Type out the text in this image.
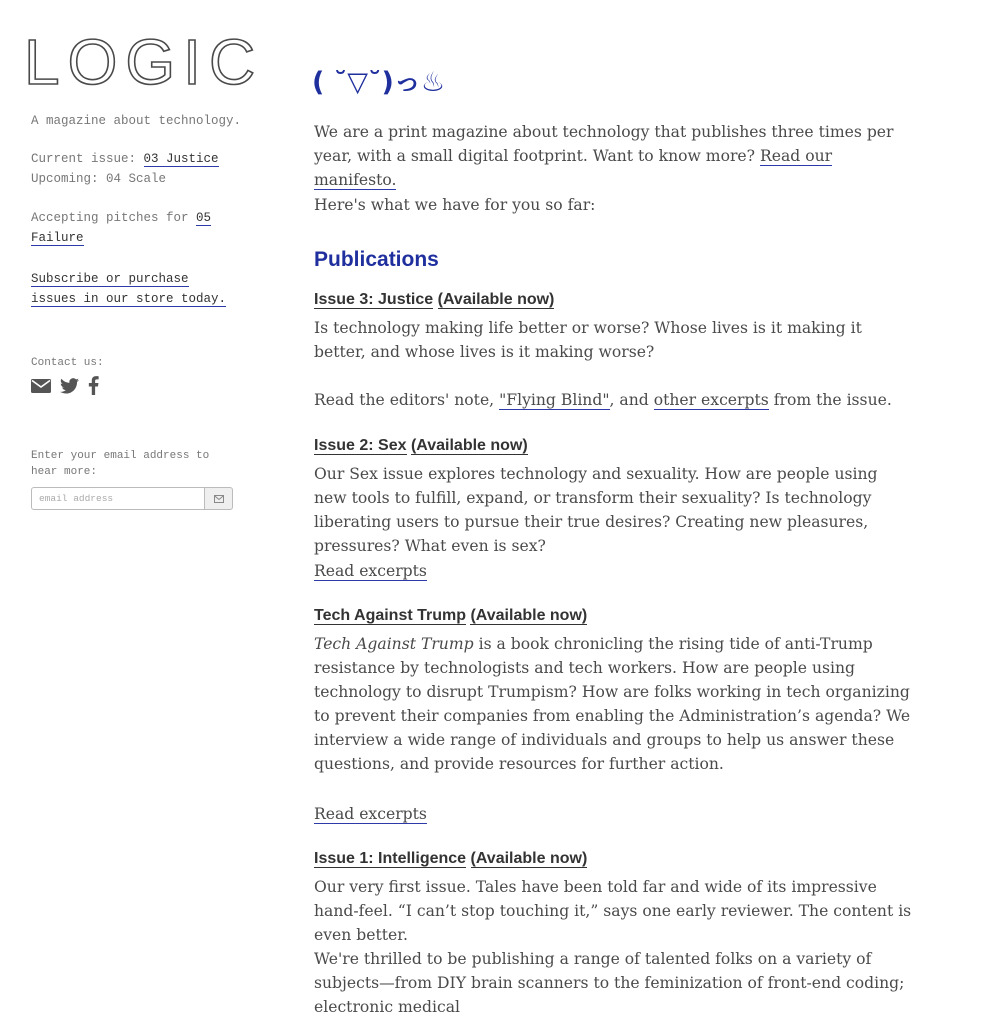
LOGIC
A magazine about technology.
Current issue: 03 Justice
Upcoming: 04 Scale
Accepting pitches for 05 Failure
Subscribe or purchase issues in our store today.
Contact us:
Enter your email address to hear more:
email address
( ˘▽˘)っ♨

We are a print magazine about technology that publishes three times per year, with a small digital footprint. Want to know more? Read our manifesto.

Here's what we have for you so far:

Publications
Issue 3: Justice (Available now)

Is technology making life better or worse? Whose lives is it making it better, and whose lives is it making worse?

Read the editors' note, "Flying Blind", and other excerpts from the issue.

Issue 2: Sex (Available now)

Our Sex issue explores technology and sexuality. How are people using new tools to fulfill, expand, or transform their sexuality? Is technology liberating users to pursue their true desires? Creating new pleasures, pressures? What even is sex?

Read excerpts

Tech Against Trump (Available now)

Tech Against Trump is a book chronicling the rising tide of anti-Trump resistance by technologists and tech workers. How are people using technology to disrupt Trumpism? How are folks working in tech organizing to prevent their companies from enabling the Administration’s agenda? We interview a wide range of individuals and groups to help us answer these questions, and provide resources for further action.

Read excerpts

Issue 1: Intelligence (Available now)

Our very first issue. Tales have been told far and wide of its impressive hand-feel. “I can’t stop touching it,” says one early reviewer. The content is even better.

We're thrilled to be publishing a range of talented folks on a variety of subjects—from DIY brain scanners to the feminization of front-end coding; electronic medical
